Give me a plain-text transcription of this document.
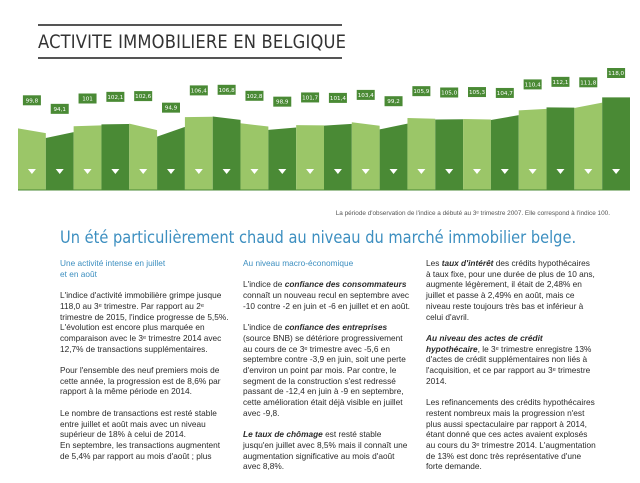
ACTIVITE IMMOBILIERE EN BELGIQUE
99,8
94,1
101	102,1 102,6
94,9
106,4 106,8
102,8
98,9
101,7 101,4 103,4
99,2
105,9 105,0 105,3 104,7
110,4 112,1 111,8
118,0
La période d'observation de l'indice a débuté au 3ᵉ trimestre 2007. Elle correspond à l'indice 100.
Un été particulièrement chaud au niveau du marché immobilier belge.

Une activité intense en juillet
et en août

L'indice d'activité immobilière grimpe jusque 118,0 au 3ᵉ trimestre. Par rapport au 2ᵉ trimestre de 2015, l'indice progresse de 5,5%. L'évolution est encore plus marquée en comparaison avec le 3ᵉ trimestre 2014 avec 12,7% de transactions supplémentaires.

Pour l'ensemble des neuf premiers mois de cette année, la progression est de 8,6% par rapport à la même période en 2014.

Le nombre de transactions est resté stable entre juillet et août mais avec un niveau supérieur de 18% à celui de 2014.

En septembre, les transactions augmentent de 5,4% par rapport au mois d'août ; plus

Au niveau macro-économique

L'indice de confiance des consommateurs connaît un nouveau recul en septembre avec -10 contre -2 en juin et -6 en juillet et en août.

L'indice de confiance des entreprises (source BNB) se détériore progressivement au cours de ce 3ᵉ trimestre avec -5,6 en septembre contre -3,9 en juin, soit une perte d'environ un point par mois. Par contre, le segment de la construction s'est redressé passant de -12,4 en juin à -9 en septembre, cette amélioration était déjà visible en juillet avec -9,8.

Le taux de chômage est resté stable jusqu'en juillet avec 8,5% mais il connaît une augmentation significative au mois d'août avec 8,8%.

Les taux d'intérêt des crédits hypothécaires à taux fixe, pour une durée de plus de 10 ans, augmente légèrement, il était de 2,48% en juillet et passe à 2,49% en août, mais ce niveau reste toujours très bas et inférieur à celui d'avril.

Au niveau des actes de crédit hypothécaire, le 3ᵉ trimestre enregistre 13% d'actes de crédit supplémentaires non liés à l'acquisition, et ce par rapport au 3ᵉ trimestre 2014.

Les refinancements des crédits hypothécaires restent nombreux mais la progression n'est plus aussi spectaculaire par rapport à 2014, étant donné que ces actes avaient explosés au cours du 3ᵉ trimestre 2014. L'augmentation de 13% est donc très représentative d'une forte demande.
